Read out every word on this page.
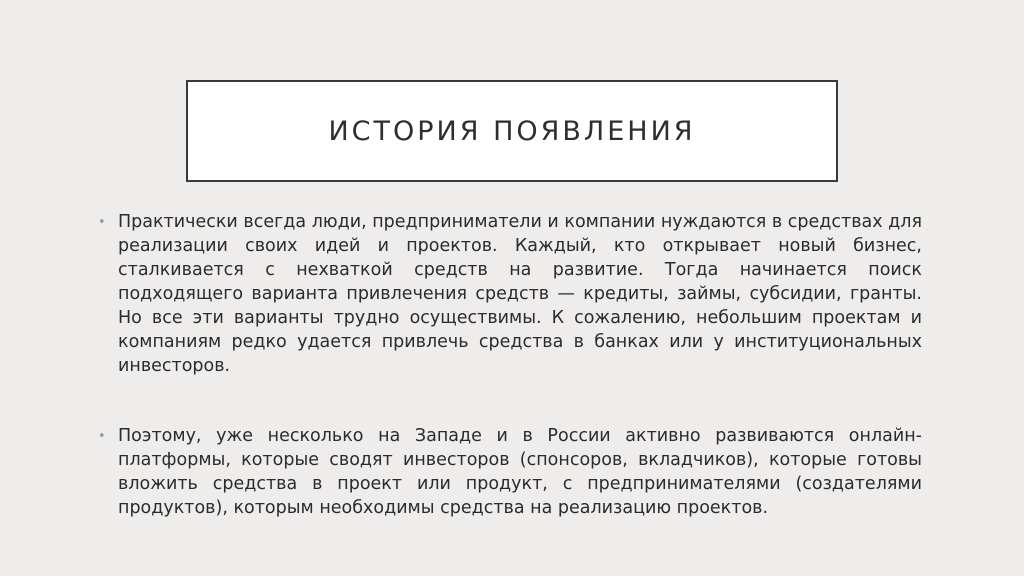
ИСТОРИЯ ПОЯВЛЕНИЯ
• Практически всегда люди, предприниматели и компании нуждаются в средствах для реализации своих идей и проектов. Каждый, кто открывает новый бизнес, сталкивается с нехваткой средств на развитие. Тогда начинается поиск подходящего варианта привлечения средств — кредиты, займы, субсидии, гранты. Но все эти варианты трудно осуществимы. К сожалению, небольшим проектам и компаниям редко удается привлечь средства в банках или у институциональных инвесторов.

• Поэтому, уже несколько на Западе и в России активно развиваются онлайн-платформы, которые сводят инвесторов (спонсоров, вкладчиков), которые готовы вложить средства в проект или продукт, с предпринимателями (создателями продуктов), которым необходимы средства на реализацию проектов.
